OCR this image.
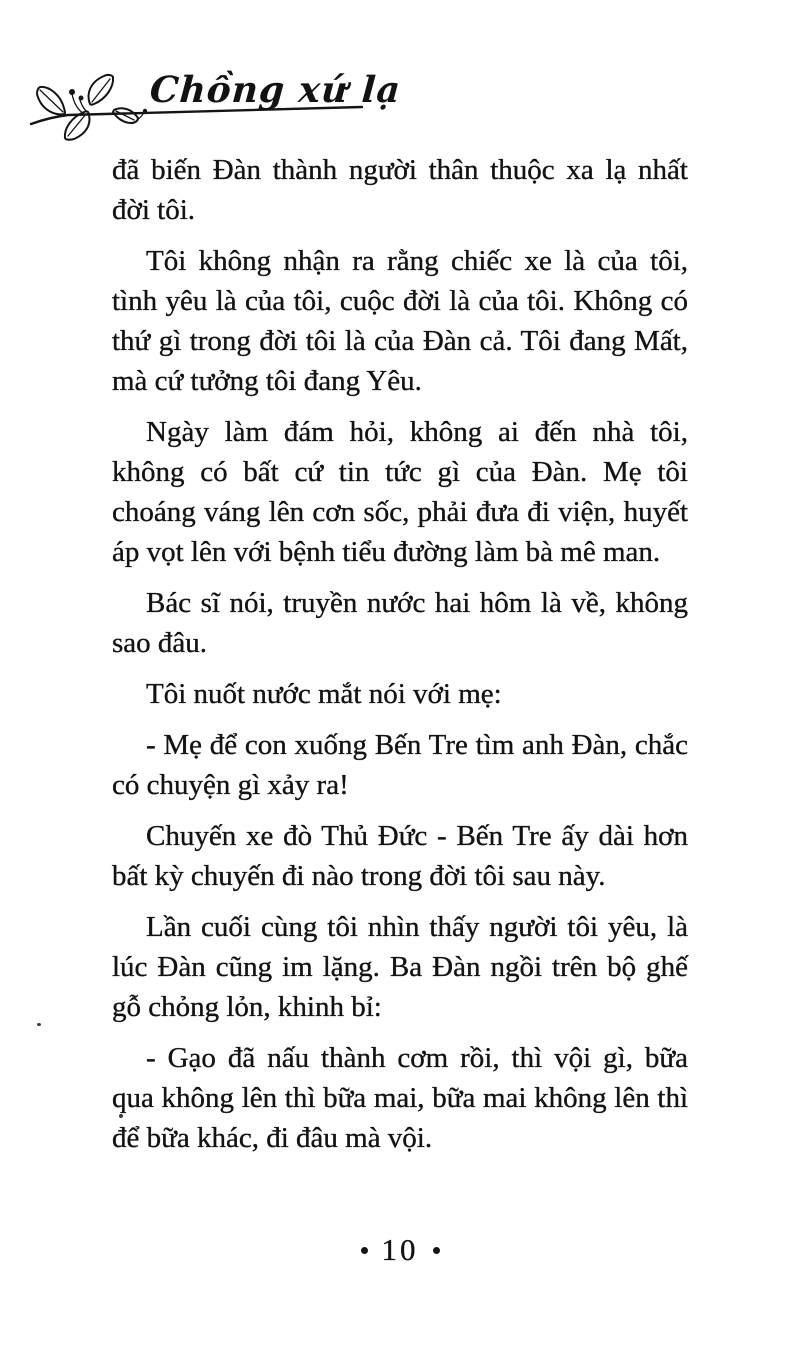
Chồng xứ lạ

đã biến Đàn thành người thân thuộc xa lạ nhất đời tôi.

Tôi không nhận ra rằng chiếc xe là của tôi, tình yêu là của tôi, cuộc đời là của tôi. Không có thứ gì trong đời tôi là của Đàn cả. Tôi đang Mất, mà cứ tưởng tôi đang Yêu.

Ngày làm đám hỏi, không ai đến nhà tôi, không có bất cứ tin tức gì của Đàn. Mẹ tôi choáng váng lên cơn sốc, phải đưa đi viện, huyết áp vọt lên với bệnh tiểu đường làm bà mê man.

Bác sĩ nói, truyền nước hai hôm là về, không sao đâu.

Tôi nuốt nước mắt nói với mẹ:

- Mẹ để con xuống Bến Tre tìm anh Đàn, chắc có chuyện gì xảy ra!

Chuyến xe đò Thủ Đức - Bến Tre ấy dài hơn bất kỳ chuyến đi nào trong đời tôi sau này.

Lần cuối cùng tôi nhìn thấy người tôi yêu, là lúc Đàn cũng im lặng. Ba Đàn ngồi trên bộ ghế gỗ chỏng lỏn, khinh bỉ:

- Gạo đã nấu thành cơm rồi, thì vội gì, bữa qua không lên thì bữa mai, bữa mai không lên thì để bữa khác, đi đâu mà vội.

10
